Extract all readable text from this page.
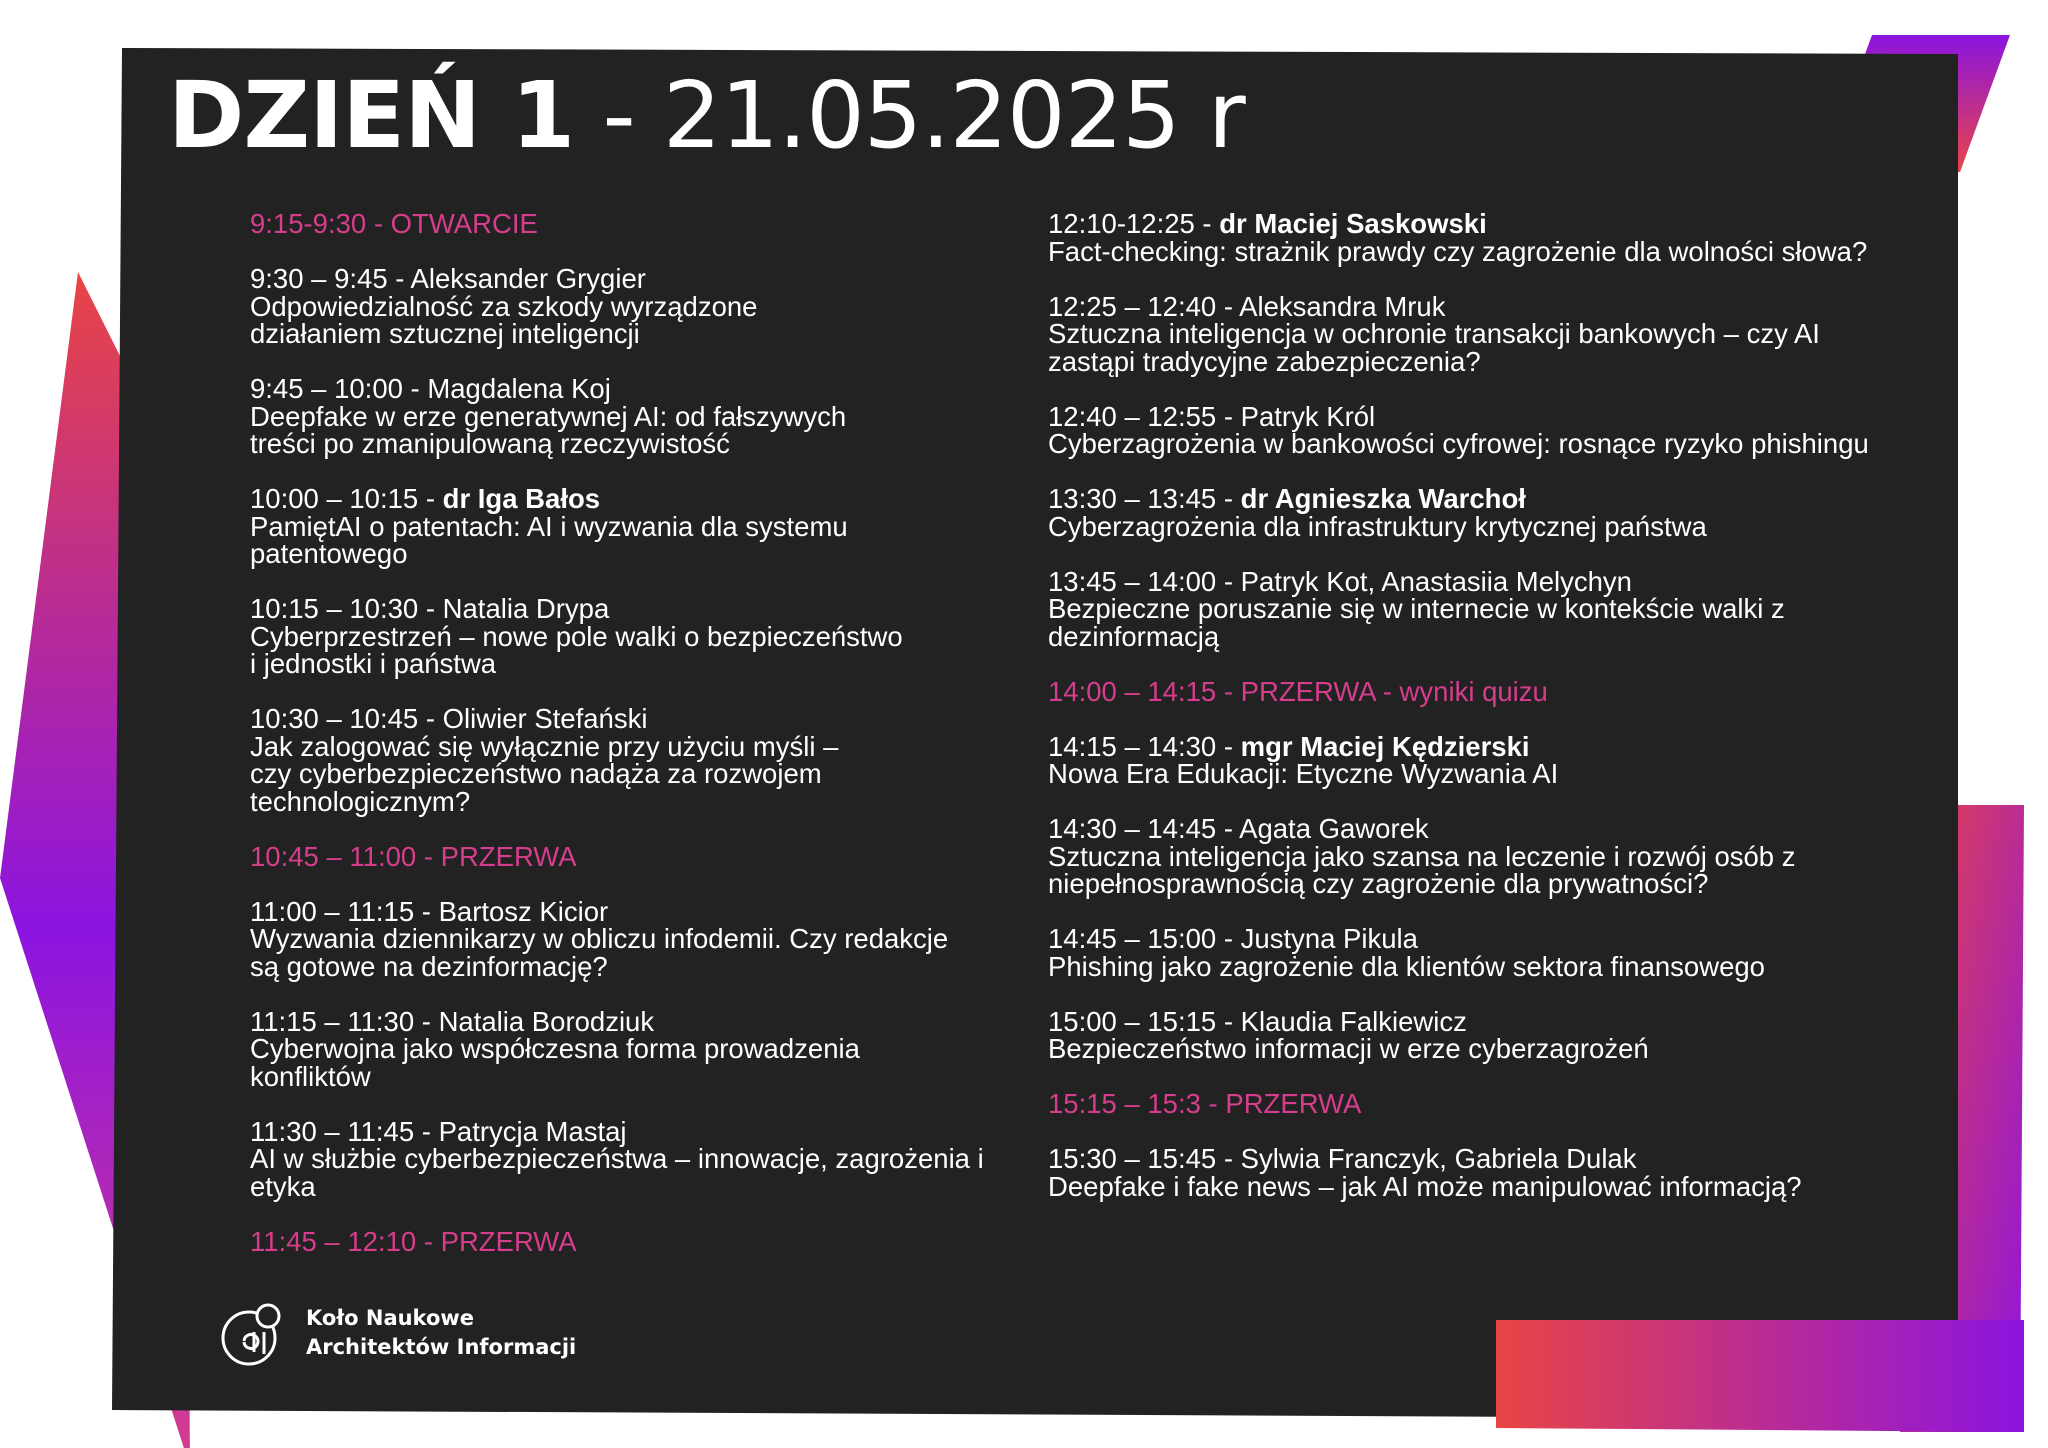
DZIEŃ 1 - 21.05.2025 r

9:15-9:30 - OTWARCIE

9:30 – 9:45 - Aleksander Grygier
Odpowiedzialność za szkody wyrządzone
działaniem sztucznej inteligencji

9:45 – 10:00 - Magdalena Koj
Deepfake w erze generatywnej AI: od fałszywych
treści po zmanipulowaną rzeczywistość

10:00 – 10:15 - dr Iga Bałos
PamiętAI o patentach: AI i wyzwania dla systemu
patentowego

10:15 – 10:30 - Natalia Drypa
Cyberprzestrzeń – nowe pole walki o bezpieczeństwo
i jednostki i państwa

10:30 – 10:45 - Oliwier Stefański
Jak zalogować się wyłącznie przy użyciu myśli –
czy cyberbezpieczeństwo nadąża za rozwojem
technologicznym?

10:45 – 11:00 - PRZERWA

11:00 – 11:15 - Bartosz Kicior
Wyzwania dziennikarzy w obliczu infodemii. Czy redakcje
są gotowe na dezinformację?

11:15 – 11:30 - Natalia Borodziuk
Cyberwojna jako współczesna forma prowadzenia
konfliktów

11:30 – 11:45 - Patrycja Mastaj
AI w służbie cyberbezpieczeństwa – innowacje, zagrożenia i
etyka

11:45 – 12:10 - PRZERWA

12:10-12:25 - dr Maciej Saskowski
Fact-checking: strażnik prawdy czy zagrożenie dla wolności słowa?

12:25 – 12:40 - Aleksandra Mruk
Sztuczna inteligencja w ochronie transakcji bankowych – czy AI
zastąpi tradycyjne zabezpieczenia?

12:40 – 12:55 - Patryk Król
Cyberzagrożenia w bankowości cyfrowej: rosnące ryzyko phishingu

13:30 – 13:45 - dr Agnieszka Warchoł
Cyberzagrożenia dla infrastruktury krytycznej państwa

13:45 – 14:00 - Patryk Kot, Anastasiia Melychyn
Bezpieczne poruszanie się w internecie w kontekście walki z
dezinformacją

14:00 – 14:15 - PRZERWA - wyniki quizu

14:15 – 14:30 - mgr Maciej Kędzierski
Nowa Era Edukacji: Etyczne Wyzwania AI

14:30 – 14:45 - Agata Gaworek
Sztuczna inteligencja jako szansa na leczenie i rozwój osób z
niepełnosprawnością czy zagrożenie dla prywatności?

14:45 – 15:00 - Justyna Pikula
Phishing jako zagrożenie dla klientów sektora finansowego

15:00 – 15:15 - Klaudia Falkiewicz
Bezpieczeństwo informacji w erze cyberzagrożeń

15:15 – 15:3 - PRZERWA

15:30 – 15:45 - Sylwia Franczyk, Gabriela Dulak
Deepfake i fake news – jak AI może manipulować informacją?

Koło Naukowe
Architektów Informacji
